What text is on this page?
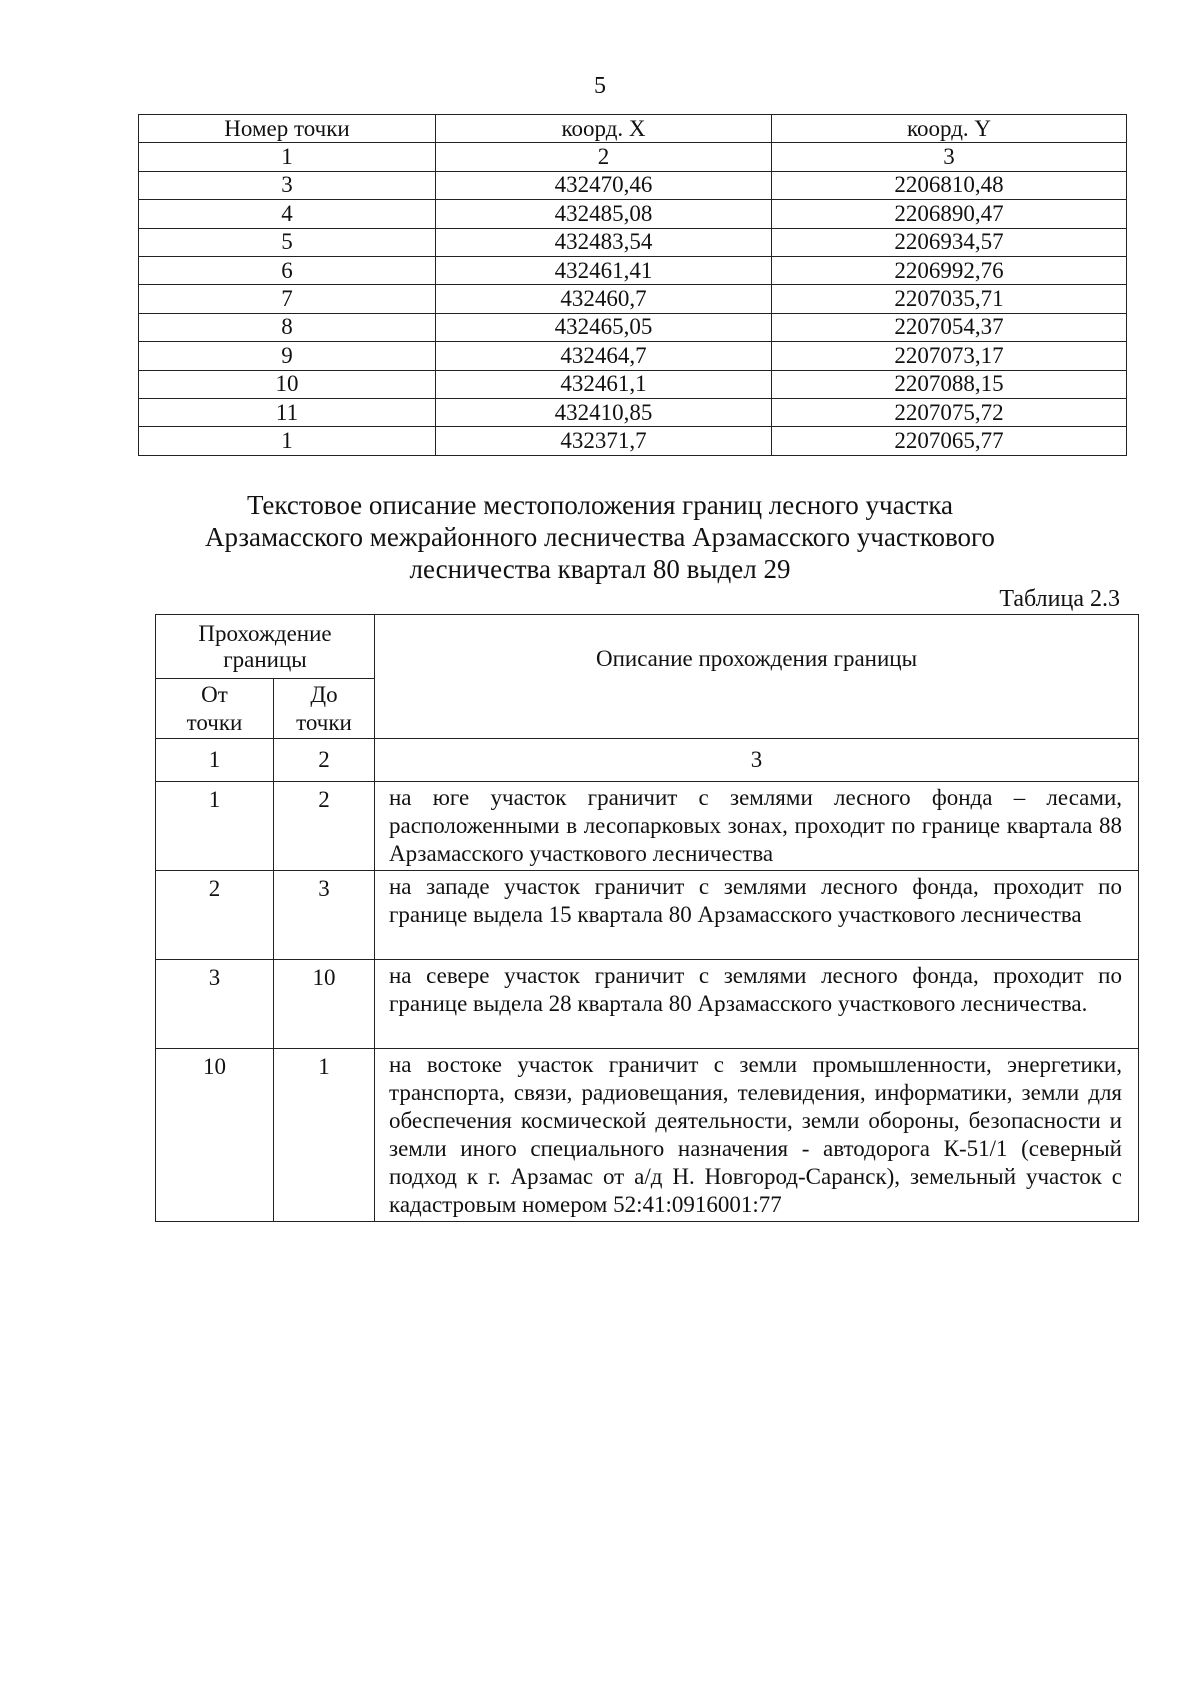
5
Номер точки	коорд. X	коорд. Y
1	2	3
3	432470,46	2206810,48
4	432485,08	2206890,47
5	432483,54	2206934,57
6	432461,41	2206992,76
7	432460,7	2207035,71
8	432465,05	2207054,37
9	432464,7	2207073,17
10	432461,1	2207088,15
11	432410,85	2207075,72
1	432371,7	2207065,77
Текстовое описание местоположения границ лесного участка
Арзамасского межрайонного лесничества Арзамасского участкового
лесничества квартал 80 выдел 29
Таблица 2.3
Прохождение границы		Описание прохождения границы
От точки	До точки	
1	2	3
1	2	на юге участок граничит с землями лесного фонда – лесами, расположенными в лесопарковых зонах, проходит по границе квартала 88 Арзамасского участкового лесничества
2	3	на западе участок граничит с землями лесного фонда, проходит по границе выдела 15 квартала 80 Арзамасского участкового лесничества
3	10	на севере участок граничит с землями лесного фонда, проходит по границе выдела 28 квартала 80 Арзамасского участкового лесничества.
10	1	на востоке участок граничит с земли промышленности, энергетики, транспорта, связи, радиовещания, телевидения, информатики, земли для обеспечения космической деятельности, земли обороны, безопасности и земли иного специального назначения - автодорога К-51/1 (северный подход к г. Арзамас от а/д Н. Новгород-Саранск), земельный участок с кадастровым номером 52:41:0916001:77
